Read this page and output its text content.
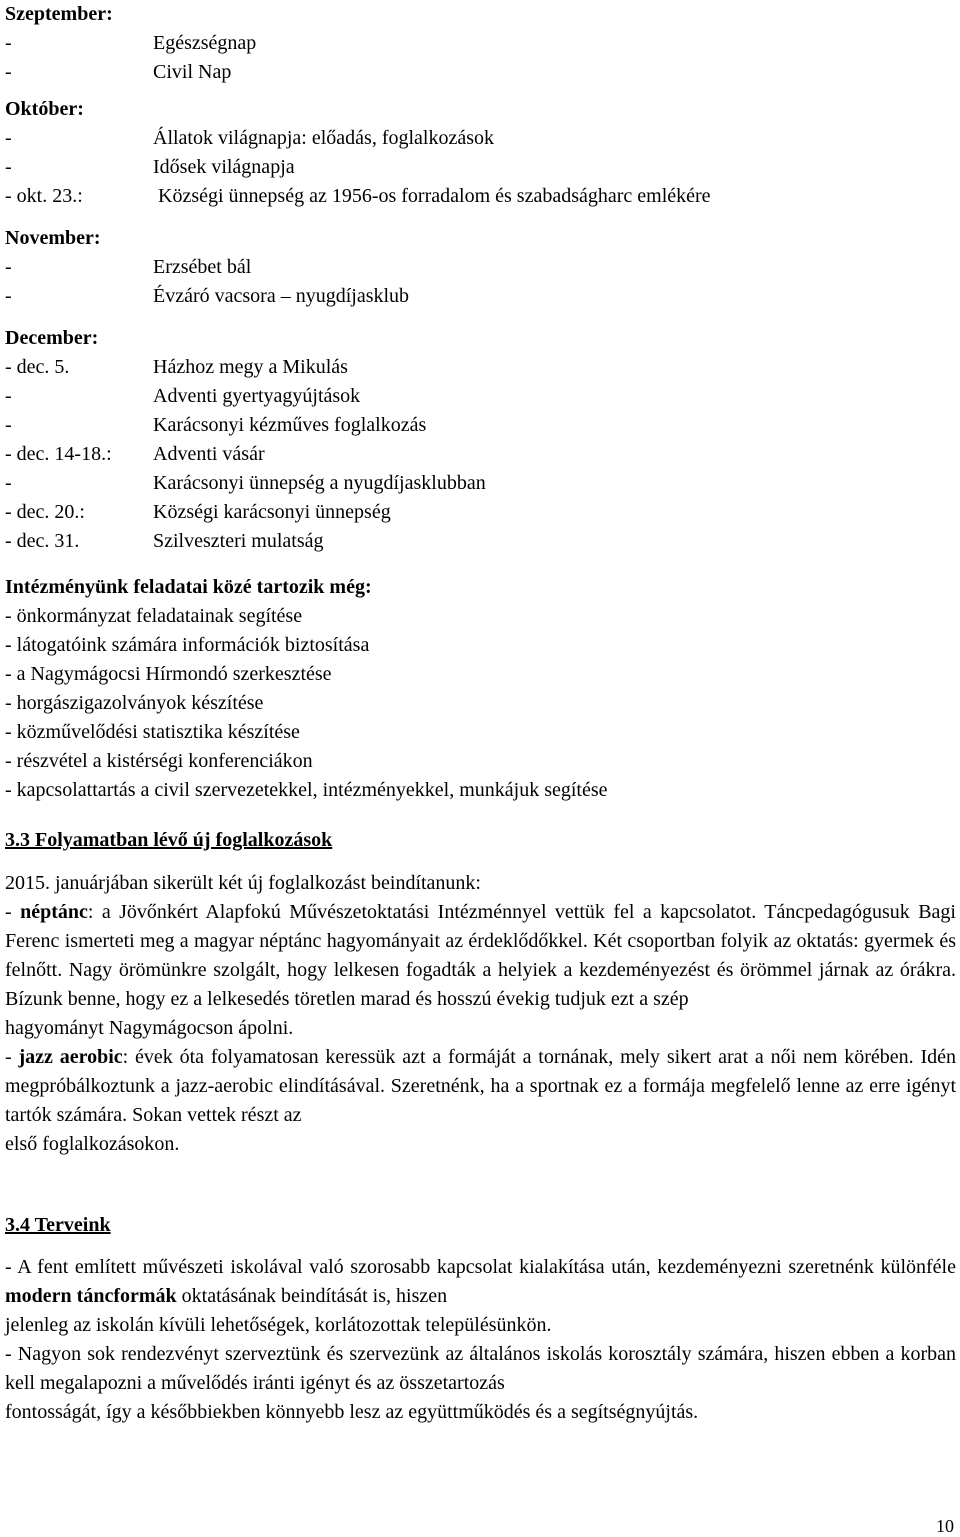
Szeptember:
-	Egészségnap
-	Civil Nap
Október:
-	Állatok világnapja: előadás, foglalkozások
-	Idősek világnapja
- okt. 23.:	Községi ünnepség az 1956-os forradalom és szabadságharc emlékére
November:
-	Erzsébet bál
-	Évzáró vacsora – nyugdíjasklub
December:
- dec. 5.	Házhoz megy a Mikulás
-	Adventi gyertyagyújtások
-	Karácsonyi kézműves foglalkozás
- dec. 14-18.: Adventi vásár
-	Karácsonyi ünnepség a nyugdíjasklubban
- dec. 20.:	Községi karácsonyi ünnepség
- dec. 31.	Szilveszteri mulatság
Intézményünk feladatai közé tartozik még:
- önkormányzat feladatainak segítése
- látogatóink számára információk biztosítása
- a Nagymágocsi Hírmondó szerkesztése
- horgászigazolványok készítése
- közművelődési statisztika készítése
- részvétel a kistérségi konferenciákon
- kapcsolattartás a civil szervezetekkel, intézményekkel, munkájuk segítése
3.3 Folyamatban lévő új foglalkozások
2015. januárjában sikerült két új foglalkozást beindítanunk:
- néptánc: a Jövőnkért Alapfokú Művészetoktatási Intézménnyel vettük fel a kapcsolatot. Táncpedagógusuk Bagi Ferenc ismerteti meg a magyar néptánc hagyományait az érdeklődőkkel. Két csoportban folyik az oktatás: gyermek és felnőtt. Nagy örömünkre szolgált, hogy lelkesen fogadták a helyiek a kezdeményezést és örömmel járnak az órákra. Bízunk benne, hogy ez a lelkesedés töretlen marad és hosszú évekig tudjuk ezt a szép
hagyományt Nagymágocson ápolni.
- jazz aerobic: évek óta folyamatosan keressük azt a formáját a tornának, mely sikert arat a női nem körében. Idén megpróbálkoztunk a jazz-aerobic elindításával. Szeretnénk, ha a sportnak ez a formája megfelelő lenne az erre igényt tartók számára. Sokan vettek részt az
első foglalkozásokon.
3.4 Terveink
- A fent említett művészeti iskolával való szorosabb kapcsolat kialakítása után, kezdeményezni szeretnénk különféle modern táncformák oktatásának beindítását is, hiszen
jelenleg az iskolán kívüli lehetőségek, korlátozottak településünkön.
- Nagyon sok rendezvényt szerveztünk és szervezünk az általános iskolás korosztály számára, hiszen ebben a korban kell megalapozni a művelődés iránti igényt és az összetartozás
fontosságát, így a későbbiekben könnyebb lesz az együttműködés és a segítségnyújtás.
10
